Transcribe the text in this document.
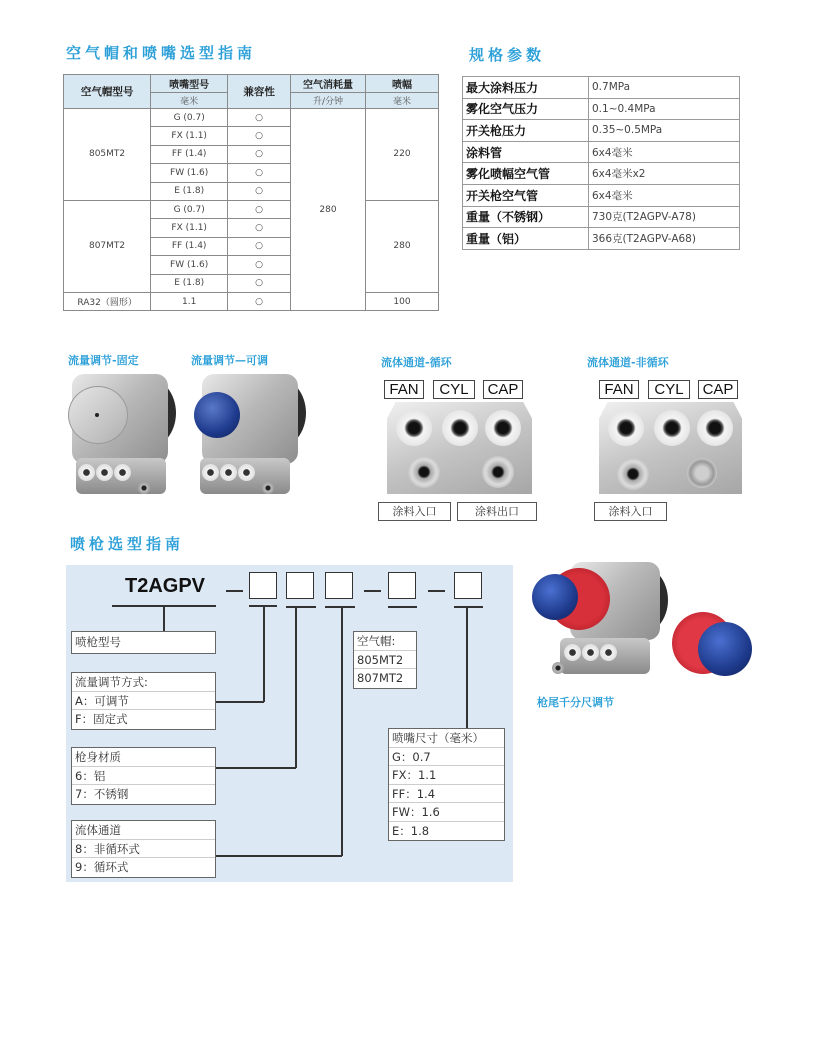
空气帽和喷嘴选型指南
空气帽型号	喷嘴型号	兼容性	空气消耗量	喷幅
	毫米		升/分钟	毫米
805MT2	G (0.7)	○	280	220
	FX (1.1)	○		
	FF (1.4)	○		
	FW (1.6)	○		
	E (1.8)	○		
807MT2	G (0.7)	○		280
	FX (1.1)	○		
	FF (1.4)	○		
	FW (1.6)	○		
	E (1.8)	○		
RA32（圆形）	1.1	○		100
规格参数
最大涂料压力	0.7MPa
雾化空气压力	0.1~0.4MPa
开关枪压力	0.35~0.5MPa
涂料管	6x4毫米
雾化喷幅空气管	6x4毫米x2
开关枪空气管	6x4毫米
重量（不锈钢）	730克(T2AGPV-A78)
重量（铝）	366克(T2AGPV-A68)
流量调节-固定	流量调节—可调	流体通道-循环
FAN	CYL	CAP
涂料入口	涂料出口
流体通道-非循环
FAN	CYL	CAP
涂料入口
喷枪选型指南
T2AGPV
喷枪型号
流量调节方式:
A：可调节
F：固定式
枪身材质
6：铝
7：不锈钢
流体通道
8：非循环式
9：循环式
空气帽:
805MT2
807MT2
喷嘴尺寸（毫米）
G：0.7
FX：1.1
FF：1.4
FW：1.6
E：1.8
枪尾千分尺调节
